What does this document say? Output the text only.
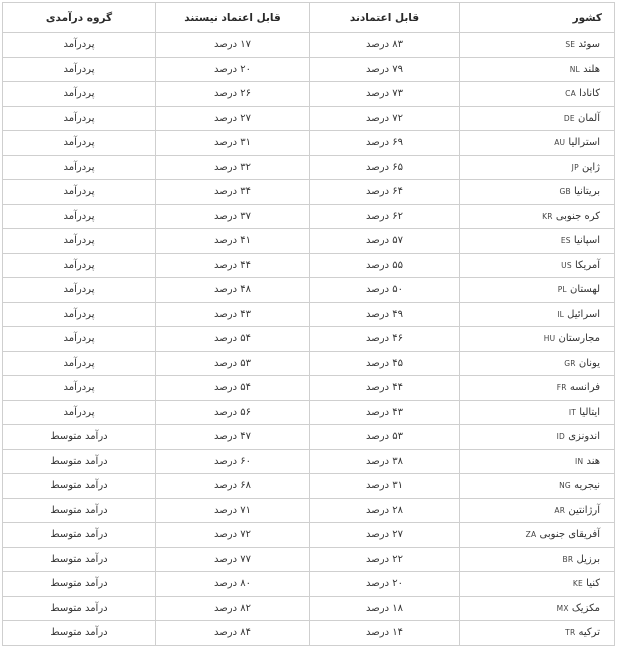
کشور	قابل اعتمادند	قابل اعتماد نیستند	گروه درآمدی
سوئد SE	۸۳ درصد	۱۷ درصد	پردرآمد
هلند NL	۷۹ درصد	۲۰ درصد	پردرآمد
کانادا CA	۷۳ درصد	۲۶ درصد	پردرآمد
آلمان DE	۷۲ درصد	۲۷ درصد	پردرآمد
استرالیا AU	۶۹ درصد	۳۱ درصد	پردرآمد
ژاپن JP	۶۵ درصد	۳۲ درصد	پردرآمد
بریتانیا GB	۶۴ درصد	۳۴ درصد	پردرآمد
کره جنوبی KR	۶۲ درصد	۳۷ درصد	پردرآمد
اسپانیا ES	۵۷ درصد	۴۱ درصد	پردرآمد
آمریکا US	۵۵ درصد	۴۴ درصد	پردرآمد
لهستان PL	۵۰ درصد	۴۸ درصد	پردرآمد
اسرائیل IL	۴۹ درصد	۴۳ درصد	پردرآمد
مجارستان HU	۴۶ درصد	۵۴ درصد	پردرآمد
یونان GR	۴۵ درصد	۵۳ درصد	پردرآمد
فرانسه FR	۴۴ درصد	۵۴ درصد	پردرآمد
ایتالیا IT	۴۳ درصد	۵۶ درصد	پردرآمد
اندونزی ID	۵۳ درصد	۴۷ درصد	درآمد متوسط
هند IN	۳۸ درصد	۶۰ درصد	درآمد متوسط
نیجریه NG	۳۱ درصد	۶۸ درصد	درآمد متوسط
آرژانتین AR	۲۸ درصد	۷۱ درصد	درآمد متوسط
آفریقای جنوبی ZA	۲۷ درصد	۷۲ درصد	درآمد متوسط
برزیل BR	۲۲ درصد	۷۷ درصد	درآمد متوسط
کنیا KE	۲۰ درصد	۸۰ درصد	درآمد متوسط
مکزیک MX	۱۸ درصد	۸۲ درصد	درآمد متوسط
ترکیه TR	۱۴ درصد	۸۴ درصد	درآمد متوسط
